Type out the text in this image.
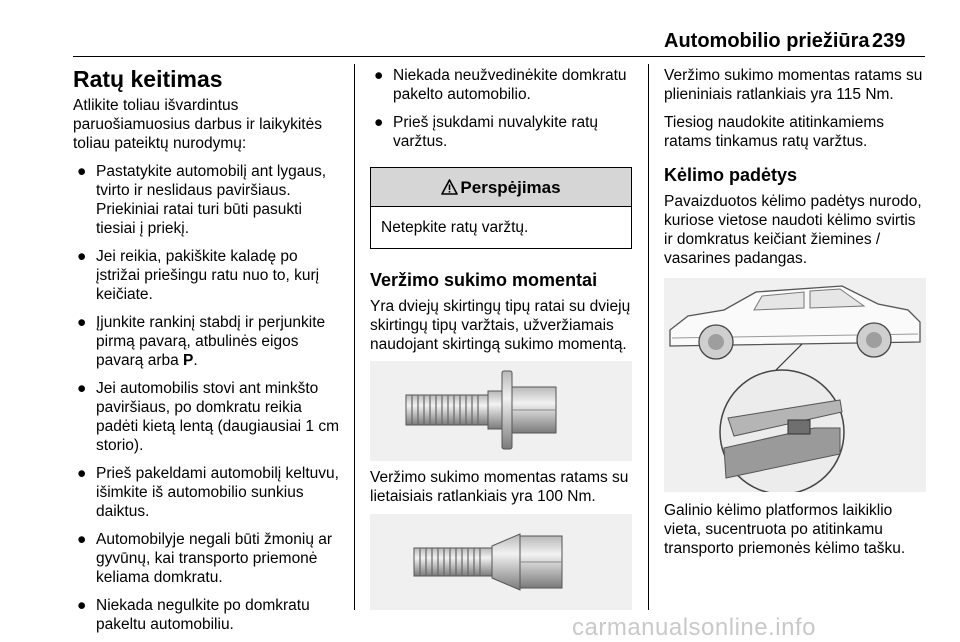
Automobilio priežiūra 239
Ratų keitimas

Atlikite toliau išvardintus paruošiamuosius darbus ir laikykitės toliau pateiktų nurodymų:

● Pastatykite automobilį ant lygaus, tvirto ir neslidaus paviršiaus. Priekiniai ratai turi būti pasukti tiesiai į priekį.
● Jei reikia, pakiškite kaladę po įstrižai priešingu ratu nuo to, kurį keičiate.
● Įjunkite rankinį stabdį ir perjunkite pirmą pavarą, atbulinės eigos pavarą arba P.
● Jei automobilis stovi ant minkšto paviršiaus, po domkratu reikia padėti kietą lentą (daugiausiai 1 cm storio).
● Prieš pakeldami automobilį keltuvu, išimkite iš automobilio sunkius daiktus.
● Automobilyje negali būti žmonių ar gyvūnų, kai transporto priemonė keliama domkratu.
● Niekada negulkite po domkratu pakeltu automobiliu.
● Niekada neužvedinėkite domkratu pakelto automobilio.
● Prieš įsukdami nuvalykite ratų varžtus.
Perspėjimas
Netepkite ratų varžtų.
Veržimo sukimo momentai

Yra dviejų skirtingų tipų ratai su dviejų skirtingų tipų varžtais, užveržiamais naudojant skirtingą sukimo momentą.

Veržimo sukimo momentas ratams su lietaisiais ratlankiais yra 100 Nm.

Veržimo sukimo momentas ratams su plieniniais ratlankiais yra 115 Nm.

Tiesiog naudokite atitinkamiems ratams tinkamus ratų varžtus.

Kėlimo padėtys

Pavaizduotos kėlimo padėtys nurodo, kuriose vietose naudoti kėlimo svirtis ir domkratus keičiant žiemines / vasarines padangas.

Galinio kėlimo platformos laikiklio vieta, sucentruota po atitinkamu transporto priemonės kėlimo tašku.

carmanualsonline.info
